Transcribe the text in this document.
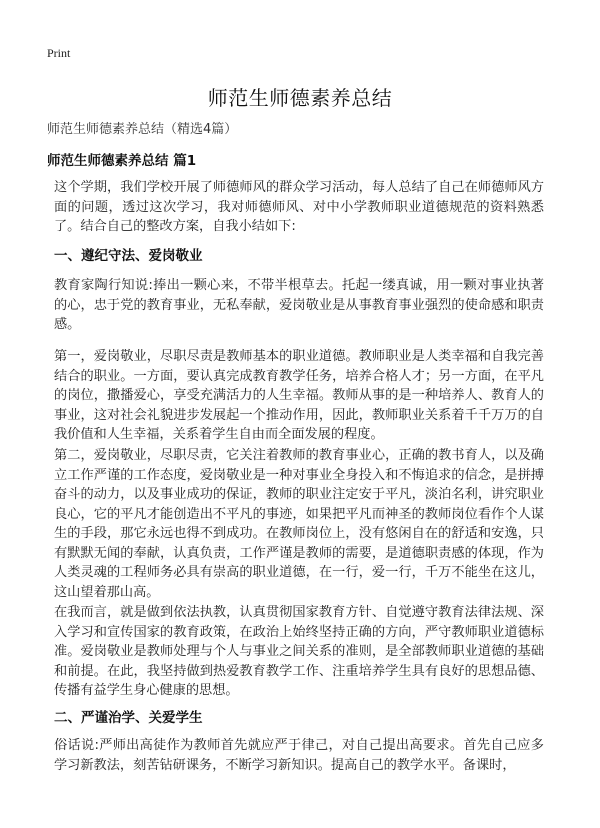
Print
师范生师德素养总结
师范生师德素养总结（精选4篇）
师范生师德素养总结 篇1

这个学期，我们学校开展了师德师风的群众学习活动，每人总结了自己在师德师风方面的问题，透过这次学习，我对师德师风、对中小学教师职业道德规范的资料熟悉了。结合自己的整改方案，自我小结如下:

一、遵纪守法、爱岗敬业

教育家陶行知说:捧出一颗心来，不带半根草去。托起一缕真诚，用一颗对事业执著的心，忠于党的教育事业，无私奉献，爱岗敬业是从事教育事业强烈的使命感和职责感。

第一，爱岗敬业，尽职尽责是教师基本的职业道德。教师职业是人类幸福和自我完善结合的职业。一方面，要认真完成教育教学任务，培养合格人才；另一方面，在平凡的岗位，撒播爱心，享受充满活力的人生幸福。教师从事的是一种培养人、教育人的事业，这对社会礼貌进步发展起一个推动作用，因此，教师职业关系着千千万万的自我价值和人生幸福，关系着学生自由而全面发展的程度。

第二，爱岗敬业，尽职尽责，它关注着教师的教育事业心，正确的教书育人，以及确立工作严谨的工作态度，爱岗敬业是一种对事业全身投入和不悔追求的信念，是拼搏奋斗的动力，以及事业成功的保证，教师的职业注定安于平凡，淡泊名利，讲究职业良心，它的平凡才能创造出不平凡的事迹，如果把平凡而神圣的教师岗位看作个人谋生的手段，那它永远也得不到成功。在教师岗位上，没有悠闲自在的舒适和安逸，只有默默无闻的奉献，认真负责，工作严谨是教师的需要，是道德职责感的体现，作为人类灵魂的工程师务必具有崇高的职业道德，在一行，爱一行，千万不能坐在这儿，这山望着那山高。

在我而言，就是做到依法执教，认真贯彻国家教育方针、自觉遵守教育法律法规、深入学习和宣传国家的教育政策，在政治上始终坚持正确的方向，严守教师职业道德标准。爱岗敬业是教师处理与个人与事业之间关系的准则，是全部教师职业道德的基础和前提。在此，我坚持做到热爱教育教学工作、注重培养学生具有良好的思想品德、传播有益学生身心健康的思想。

二、严谨治学、关爱学生

俗话说:严师出高徒作为教师首先就应严于律己，对自己提出高要求。首先自己应多学习新教法，刻苦钻研课务，不断学习新知识。提高自己的教学水平。备课时，
